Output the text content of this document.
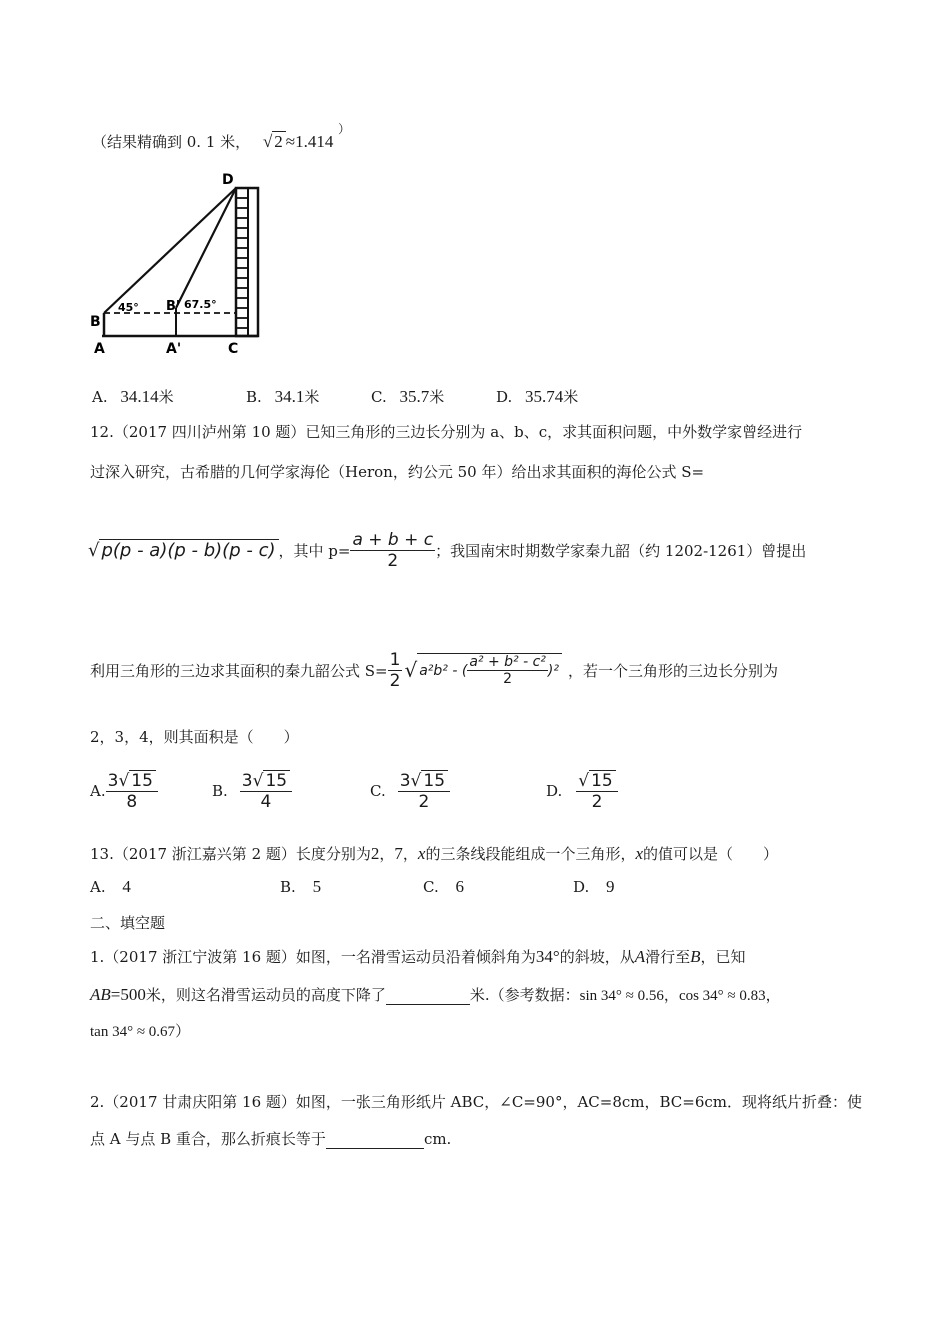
（结果精确到 0. 1 米， √ 2 ≈1.414 ）
D
B
B'
A	A'	C
45°	67.5°
A. 34.14米	B. 34.1米	C. 35.7米	D. 35.74米
12.（2017 四川泸州第 10 题）已知三角形的三边长分别为 a、b、c，求其面积问题，中外数学家曾经进行
过深入研究，古希腊的几何学家海伦（Heron，约公元 50 年）给出求其面积的海伦公式 S=
√ p(p - a)(p - b)(p - c) ，其中 $p= \frac{a + b + c}{2}$ ；我国南宋时期数学家秦九韶（约 1202-1261）曾提出
利用三角形的三边求其面积的秦九韶公式 $S= \frac{1}{2}$ √ a²b² - ( $\frac{\text{a² + b² - c²}}{2} )^2$ ，若一个三角形的三边长分别为
2，3，4，则其面积是（　　）
A. $\frac{3√ 15}{8}$	B. $\frac{3√ 15}{4}$	C. $\frac{3√ 15}{2}$	D. $\frac{√ 15}{2}$
13.（2017 浙江嘉兴第 2 题）长度分别为2，7，x的三条线段能组成一个三角形，x的值可以是（　　）
A. 4	B. 5	C. 6	D. 9
二、填空题
1.（2017 浙江宁波第 16 题）如图，一名滑雪运动员沿着倾斜角为34°的斜坡，从A滑行至B，已知
AB=500米，则这名滑雪运动员的高度下降了	米.（参考数据：sin 34° ≈ 0.56，cos 34° ≈ 0.83，
tan 34° ≈ 0.67）
2.（2017 甘肃庆阳第 16 题）如图，一张三角形纸片 ABC，∠C=90°，AC=8cm，BC=6cm．现将纸片折叠：使
点 A 与点 B 重合，那么折痕长等于	cm.
